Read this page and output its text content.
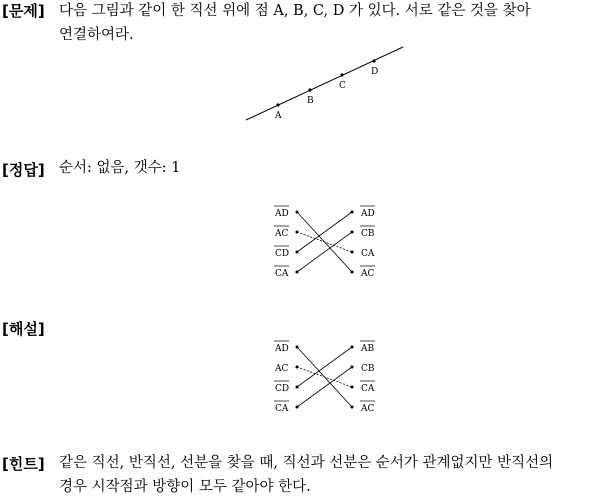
[문제] 다음 그림과 같이 한 직선 위에 점 A, B, C, D 가 있다. 서로 같은 것을 찾아
연결하여라.
A
B
C
D
AD
AC
CD
CA
AD
CB
CA
AC
AD
AC
CD
CA
AB
CB
CA
AC
[정답] 순서: 없음, 갯수: 1
[해설]
[힌트] 같은 직선, 반직선, 선분을 찾을 때, 직선과 선분은 순서가 관계없지만 반직선의
경우 시작점과 방향이 모두 같아야 한다.
